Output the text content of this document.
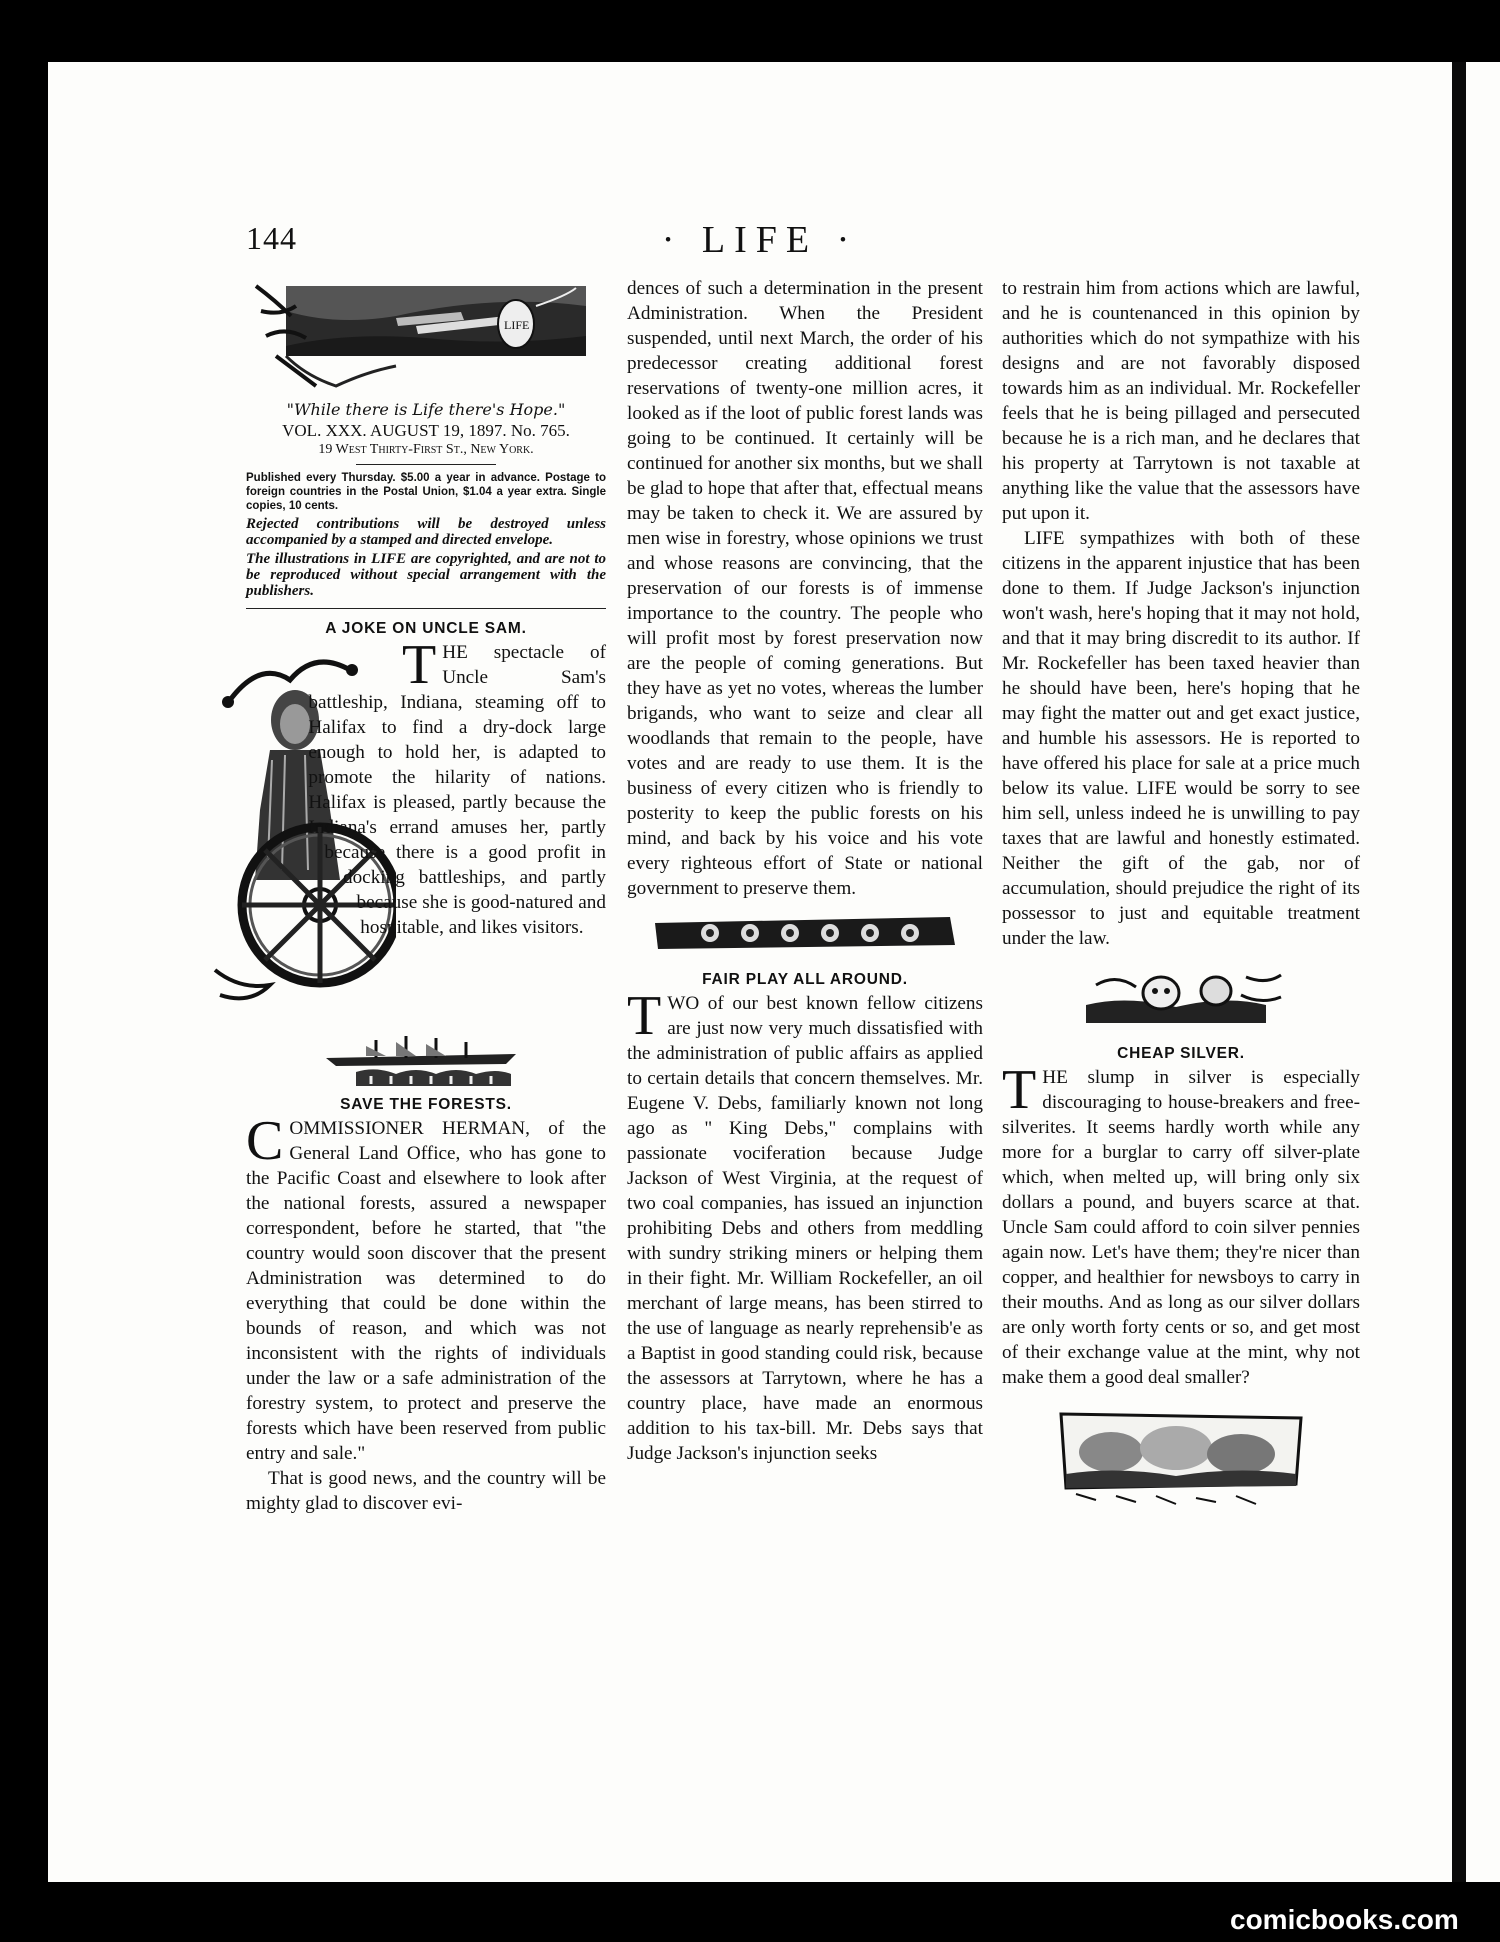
144	· LIFE ·
LIFE
"While there is Life there's Hope."
VOL. XXX. AUGUST 19, 1897. No. 765.
19 West Thirty-First St., New York.
Published every Thursday. $5.00 a year in advance. Postage to foreign countries in the Postal Union, $1.04 a year extra. Single copies, 10 cents.
Rejected contributions will be destroyed unless accompanied by a stamped and directed envelope.
The illustrations in LIFE are copyrighted, and are not to be reproduced without special arrangement with the publishers.

A JOKE ON UNCLE SAM.

THE spectacle of Uncle Sam's battleship, Indiana, steaming off to Halifax to find a dry-dock large enough to hold her, is adapted to promote the hilarity of nations. Halifax is pleased, partly because the Indiana's errand amuses her, partly because there is a good profit in docking battleships, and partly because she is good-natured and hospitable, and likes visitors.

SAVE THE FORESTS.

COMMISSIONER HERMAN, of the General Land Office, who has gone to the Pacific Coast and elsewhere to look after the national forests, assured a newspaper correspondent, before he started, that "the country would soon discover that the present Administration was determined to do everything that could be done within the bounds of reason, and which was not inconsistent with the rights of individuals under the law or a safe administration of the forestry system, to protect and preserve the forests which have been reserved from public entry and sale."

That is good news, and the country will be mighty glad to discover evi-

dences of such a determination in the present Administration. When the President suspended, until next March, the order of his predecessor creating additional forest reservations of twenty-one million acres, it looked as if the loot of public forest lands was going to be continued. It certainly will be continued for another six months, but we shall be glad to hope that after that, effectual means may be taken to check it. We are assured by men wise in forestry, whose opinions we trust and whose reasons are convincing, that the preservation of our forests is of immense importance to the country. The people who will profit most by forest preservation now are the people of coming generations. But they have as yet no votes, whereas the lumber brigands, who want to seize and clear all woodlands that remain to the people, have votes and are ready to use them. It is the business of every citizen who is friendly to posterity to keep the public forests on his mind, and back by his voice and his vote every righteous effort of State or national government to preserve them.

FAIR PLAY ALL AROUND.

TWO of our best known fellow citizens are just now very much dissatisfied with the administration of public affairs as applied to certain details that concern themselves. Mr. Eugene V. Debs, familiarly known not long ago as " King Debs," complains with passionate vociferation because Judge Jackson of West Virginia, at the request of two coal companies, has issued an injunction prohibiting Debs and others from meddling with sundry striking miners or helping them in their fight. Mr. William Rockefeller, an oil merchant of large means, has been stirred to the use of language as nearly reprehensib'e as a Baptist in good standing could risk, because the assessors at Tarrytown, where he has a country place, have made an enormous addition to his tax-bill. Mr. Debs says that Judge Jackson's injunction seeks

to restrain him from actions which are lawful, and he is countenanced in this opinion by authorities which do not sympathize with his designs and are not favorably disposed towards him as an individual. Mr. Rockefeller feels that he is being pillaged and persecuted because he is a rich man, and he declares that his property at Tarrytown is not taxable at anything like the value that the assessors have put upon it.

LIFE sympathizes with both of these citizens in the apparent injustice that has been done to them. If Judge Jackson's injunction won't wash, here's hoping that it may not hold, and that it may bring discredit to its author. If Mr. Rockefeller has been taxed heavier than he should have been, here's hoping that he may fight the matter out and get exact justice, and humble his assessors. He is reported to have offered his place for sale at a price much below its value. LIFE would be sorry to see him sell, unless indeed he is unwilling to pay taxes that are lawful and honestly estimated. Neither the gift of the gab, nor of accumulation, should prejudice the right of its possessor to just and equitable treatment under the law.

CHEAP SILVER.

THE slump in silver is especially discouraging to house-breakers and free-silverites. It seems hardly worth while any more for a burglar to carry off silver-plate which, when melted up, will bring only six dollars a pound, and buyers scarce at that. Uncle Sam could afford to coin silver pennies again now. Let's have them; they're nicer than copper, and healthier for newsboys to carry in their mouths. And as long as our silver dollars are only worth forty cents or so, and get most of their exchange value at the mint, why not make them a good deal smaller?

comicbooks.com
